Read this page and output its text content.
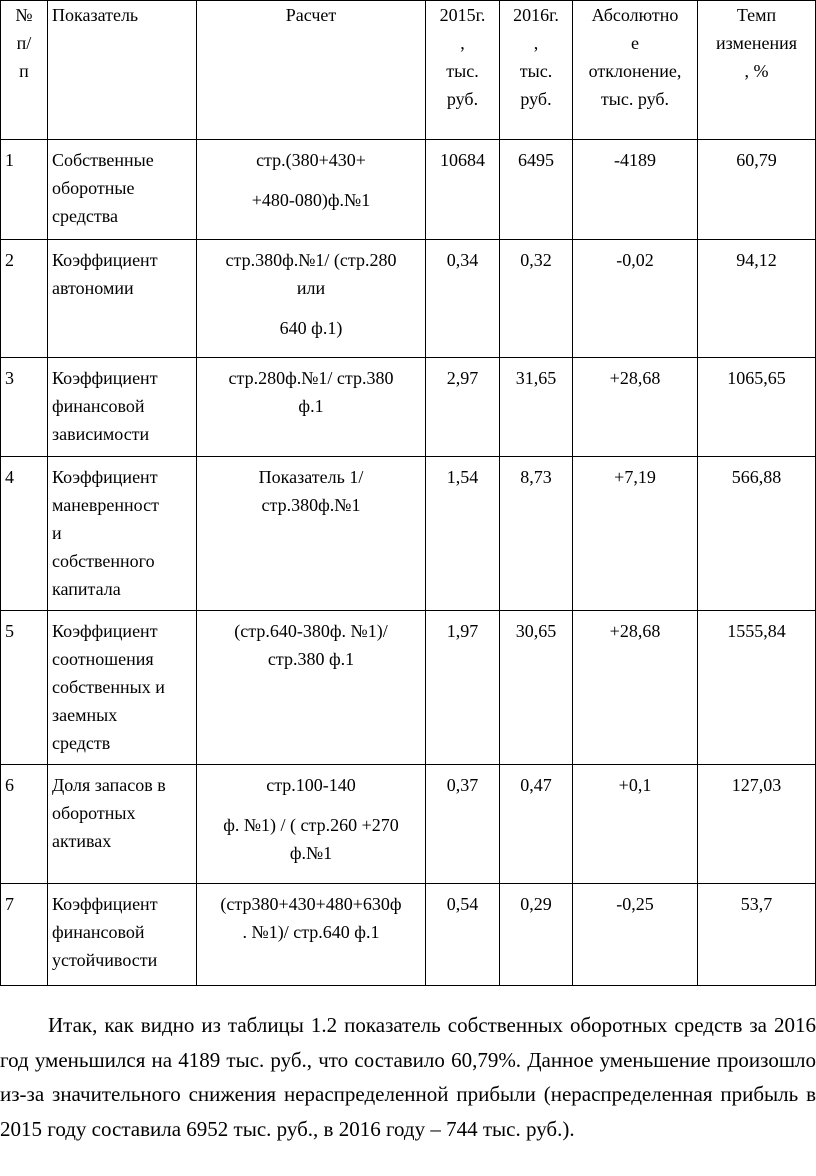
№
п/
п	Показатель	Расчет	2015г.
,
тыс.
руб.	2016г.
,
тыс.
руб.	Абсолютно
е
отклонение,
тыс. руб.	Темп
изменения
, %

1	Собственные
оборотные
средства	стр.(380+430+
+480-080)ф.№1	10684	6495	-4189	60,79
2	Коэффициент
автономии	стр.380ф.№1/ (стр.280
или
640 ф.1)	0,34	0,32	-0,02	94,12
3	Коэффициент
финансовой
зависимости	стр.280ф.№1/ стр.380
ф.1	2,97	31,65	+28,68	1065,65
4	Коэффициент
маневренност
и
собственного
капитала	Показатель 1/
стр.380ф.№1	1,54	8,73	+7,19	566,88
5	Коэффициент
соотношения
собственных и
заемных
средств	(стр.640-380ф. №1)/
стр.380 ф.1	1,97	30,65	+28,68	1555,84
6	Доля запасов в
оборотных
активах	стр.100-140
ф. №1) / ( стр.260 +270
ф.№1	0,37	0,47	+0,1	127,03
7	Коэффициент
финансовой
устойчивости	(стр380+430+480+630ф
. №1)/ стр.640 ф.1	0,54	0,29	-0,25	53,7

Итак, как видно из таблицы 1.2 показатель собственных оборотных средств за 2016 год уменьшился на 4189 тыс. руб., что составило 60,79%. Данное уменьшение произошло из-за значительного снижения нераспределенной прибыли (нераспределенная прибыль в 2015 году составила 6952 тыс. руб., в 2016 году – 744 тыс. руб.).
